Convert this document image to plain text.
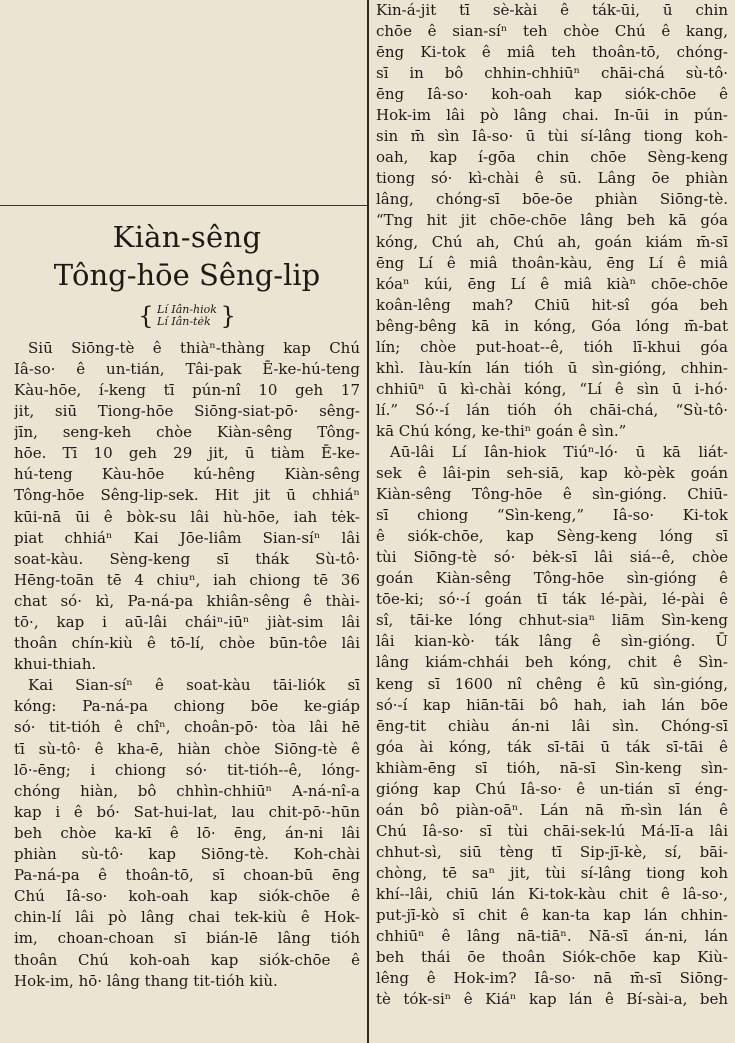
Kiàn-sêng
Tông-hōe Sêng-lip
{ Lí Iân-hiok
Lí Iân-tėk }
Siū Siōng-tè ê thiàⁿ-thàng kap Chú
Iâ-so· ê un-tián, Tâi-pak Ē-ke-hú-teng
Kàu-hōe, í-keng tī pún-nî 10 geh 17
jit, siū Tiong-hōe Siōng-siat-pō· sêng-
jīn, seng-keh chòe Kiàn-sêng Tông-
hōe. Tī 10 geh 29 jit, ū tiàm Ē-ke-
hú-teng Kàu-hōe kú-hêng Kiàn-sêng
Tông-hōe Sêng-lip-sek. Hit jit ū chhiáⁿ
kūi-nā ūi ê bòk-su lâi hù-hōe, iah tėk-
piat chhiáⁿ Kai Jōe-liâm Sian-síⁿ lâi
soat-kàu. Sèng-keng sī thák Sù-tô·
Hēng-toān tē 4 chiuⁿ, iah chiong tē 36
chat só· kì, Pa-ná-pa khiân-sêng ê thài-
tō·, kap i aū-lâi cháiⁿ-iūⁿ jiàt-sim lâi
thoân chín-kiù ê tō-lí, chòe būn-tôe lâi
khui-thiah.
Kai Sian-síⁿ ê soat-kàu tāi-liók sī
kóng: Pa-ná-pa chiong bōe ke-giáp
só· tit-tióh ê chîⁿ, choân-pō· tòa lâi hē
tī sù-tô· ê kha-ē, hiàn chòe Siōng-tè ê
lō·-ēng; i chiong só· tit-tióh--ê, lóng-
chóng hiàn, bô chhìn-chhiūⁿ A-ná-nî-a
kap i ê bó· Sat-hui-lat, lau chit-pō·-hūn
beh chòe ka-kī ê lō· ēng, án-ni lâi
phiàn sù-tô· kap Siōng-tè. Koh-chài
Pa-ná-pa ê thoân-tō, sī choan-bū ēng
Chú Iâ-so· koh-oah kap siók-chōe ê
chin-lí lâi pò lâng chai tek-kiù ê Hok-
im, choan-choan sī bián-lē lâng tióh
thoân Chú koh-oah kap siók-chōe ê
Hok-im, hō· lâng thang tit-tióh kiù.
Kin-á-jit tī sè-kài ê ták-ūi, ū chin
chōe ê sian-síⁿ teh chòe Chú ê kang,
ēng Ki-tok ê miâ teh thoân-tō, chóng-
sī in bô chhin-chhiūⁿ chāi-chá sù-tô·
ēng Iâ-so· koh-oah kap siók-chōe ê
Hok-im lâi pò lâng chai. In-ūi in pún-
sin m̄ sìn Iâ-so· ū tùi sí-lâng tiong koh-
oah, kap í-gōa chin chōe Sèng-keng
tiong só· kì-chài ê sū. Lâng ōe phiàn
lâng, chóng-sī bōe-ōe phiàn Siōng-tè.
“Tng hit jit chōe-chōe lâng beh kā góa
kóng, Chú ah, Chú ah, goán kiám m̄-sī
ēng Lí ê miâ thoân-kàu, ēng Lí ê miâ
kóaⁿ kúi, ēng Lí ê miâ kiàⁿ chōe-chōe
koân-lêng mah? Chiū hit-sî góa beh
bêng-bêng kā in kóng, Góa lóng m̄-bat
lín; chòe put-hoat--ê, tióh lī-khui góa
khì. Iàu-kín lán tióh ū sìn-gióng, chhin-
chhiūⁿ ū kì-chài kóng, “Lí ê sìn ū i-hó·
lí.” Só·-í lán tióh óh chāi-chá, “Sù-tô·
kā Chú kóng, ke-thiⁿ goán ê sìn.”
Aū-lâi Lí Iân-hiok Tiúⁿ-ló· ū kā liát-
sek ê lâi-pin seh-siā, kap kò-pèk goán
Kiàn-sêng Tông-hōe ê sìn-gióng. Chiū-
sī chiong “Sìn-keng,” Iâ-so· Ki-tok
ê siók-chōe, kap Sèng-keng lóng sī
tùi Siōng-tè só· bėk-sī lâi siá--ê, chòe
goán Kiàn-sêng Tông-hōe sìn-gióng ê
tōe-ki; só·-í goán tī ták lé-pài, lé-pài ê
sî, tāi-ke lóng chhut-siaⁿ liām Sìn-keng
lâi kian-kò· ták lâng ê sìn-gióng. Ū
lâng kiám-chhái beh kóng, chit ê Sìn-
keng sī 1600 nî chêng ê kū sìn-gióng,
só·-í kap hiān-tāi bô hah, iah lán bōe
ēng-tit chiàu án-ni lâi sìn. Chóng-sī
góa ài kóng, ták sī-tāi ū ták sī-tāi ê
khiàm-ēng sī tióh, nā-sī Sìn-keng sìn-
gióng kap Chú Iâ-so· ê un-tián sī éng-
oán bô piàn-oāⁿ. Lán nā m̄-sìn lán ê
Chú Iâ-so· sī tùi chāi-sek-lú Má-lī-a lâi
chhut-sì, siū tèng tī Sip-jī-kè, sí, bāi-
chòng, tē saⁿ jit, tùi sí-lâng tiong koh
khí--lâi, chiū lán Ki-tok-kàu chit ê lâ-so·,
put-jī-kò sī chit ê kan-ta kap lán chhin-
chhiūⁿ ê lâng nā-tiāⁿ. Nā-sī án-ni, lán
beh thái ōe thoân Siók-chōe kap Kiù-
lêng ê Hok-im? Iâ-so· nā m̄-sī Siōng-
tè tók-siⁿ ê Kiáⁿ kap lán ê Bí-sài-a, beh
